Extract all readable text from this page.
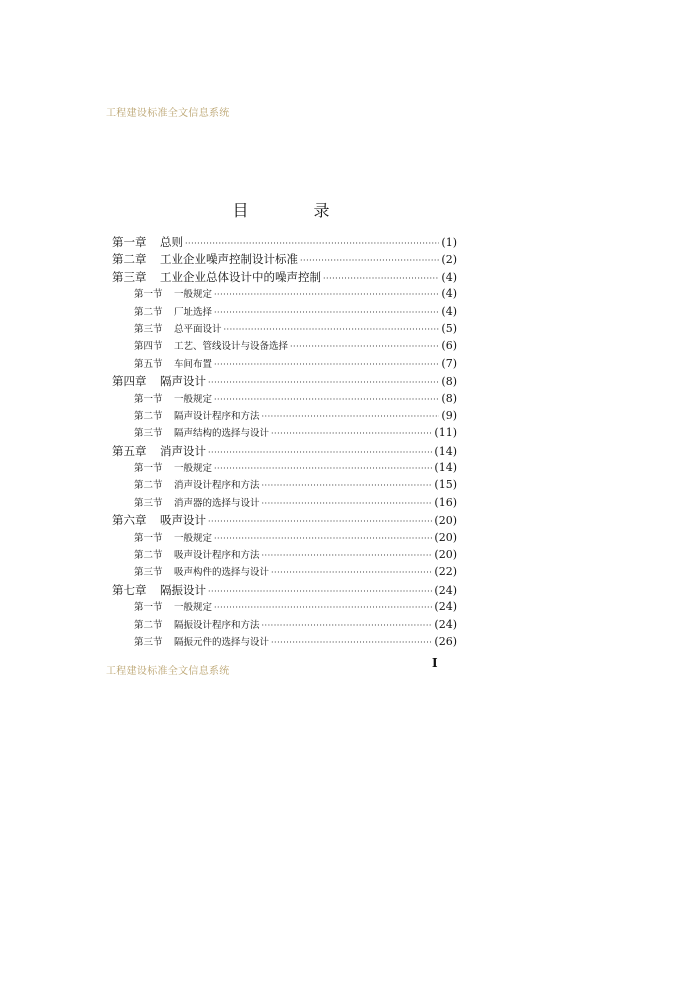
工程建设标准全文信息系统
目 录
第一章	总则 ·····	(1)
第二章	工业企业噪声控制设计标准 ·····	(2)
第三章	工业企业总体设计中的噪声控制 ·····	(4)
第一节	一般规定 ·····	(4)
第二节	厂址选择 ·····	(4)
第三节	总平面设计 ·····	(5)
第四节	工艺、管线设计与设备选择 ·····	(6)
第五节	车间布置 ·····	(7)
第四章	隔声设计 ·····	(8)
第一节	一般规定 ·····	(8)
第二节	隔声设计程序和方法 ·····	(9)
第三节	隔声结构的选择与设计 ·····	(11)
第五章	消声设计 ·····	(14)
第一节	一般规定 ·····	(14)
第二节	消声设计程序和方法 ·····	(15)
第三节	消声器的选择与设计 ·····	(16)
第六章	吸声设计 ·····	(20)
第一节	一般规定 ·····	(20)
第二节	吸声设计程序和方法 ·····	(20)
第三节	吸声构件的选择与设计 ·····	(22)
第七章	隔振设计 ·····	(24)
第一节	一般规定 ·····	(24)
第二节	隔振设计程序和方法 ·····	(24)
第三节	隔振元件的选择与设计 ·····	(26)
工程建设标准全文信息系统
I
